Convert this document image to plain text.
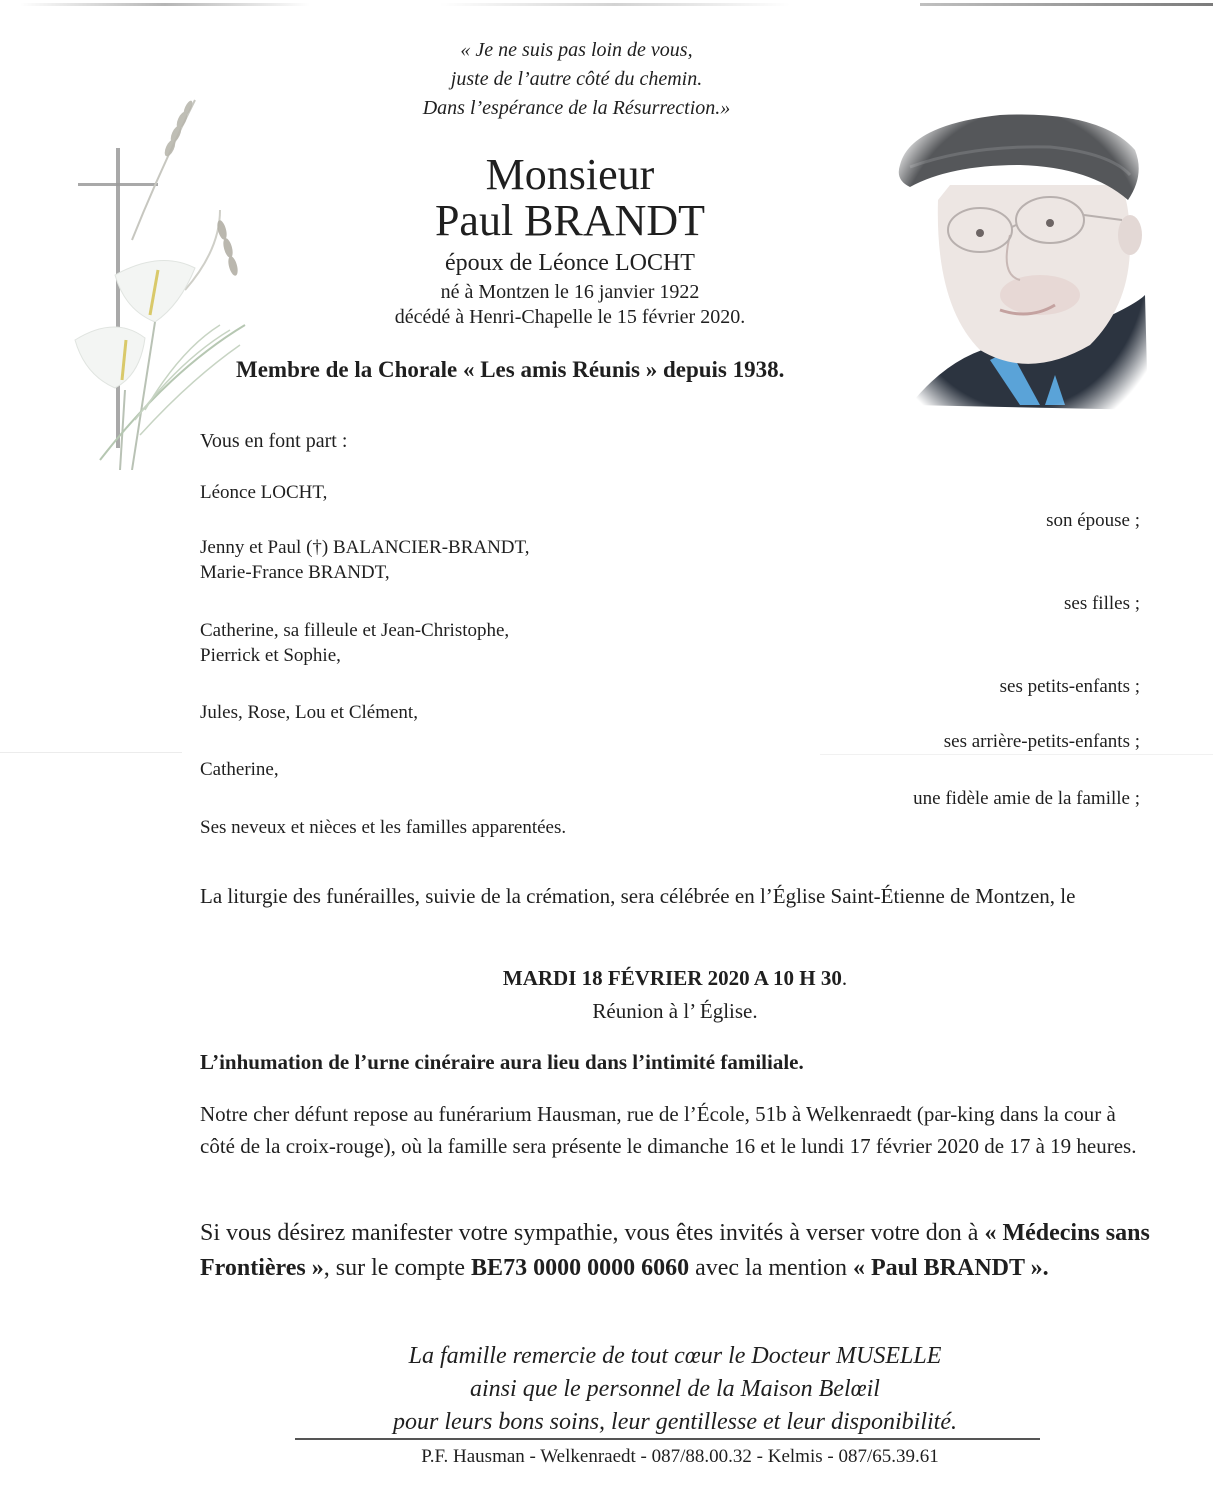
« Je ne suis pas loin de vous,
juste de l’autre côté du chemin.
Dans l’espérance de la Résurrection.»
Monsieur
Paul BRANDT
époux de Léonce LOCHT
né à Montzen le 16 janvier 1922
décédé à Henri-Chapelle le 15 février 2020.
Membre de la Chorale « Les amis Réunis » depuis 1938.
Vous en font part :
Léonce LOCHT,
son épouse ;
Jenny et Paul (†) BALANCIER-BRANDT,
Marie-France BRANDT,
ses filles ;
Catherine, sa filleule et Jean-Christophe,
Pierrick et Sophie,
ses petits-enfants ;
Jules, Rose, Lou et Clément,
ses arrière-petits-enfants ;
Catherine,
une fidèle amie de la famille ;
Ses neveux et nièces et les familles apparentées.
La liturgie des funérailles, suivie de la crémation, sera célébrée en l’Église Saint-Étienne de Montzen, le
MARDI 18 FÉVRIER 2020 A 10 H 30.
Réunion à l’ Église.
L’inhumation de l’urne cinéraire aura lieu dans l’intimité familiale.
Notre cher défunt repose au funérarium Hausman, rue de l’École, 51b à Welkenraedt (par-king dans la cour à côté de la croix-rouge), où la famille sera présente le dimanche 16 et le lundi 17 février 2020 de 17 à 19 heures.
Si vous désirez manifester votre sympathie, vous êtes invités à verser votre don à « Médecins sans Frontières », sur le compte BE73 0000 0000 6060 avec la mention « Paul BRANDT ».
La famille remercie de tout cœur le Docteur MUSELLE
ainsi que le personnel de la Maison Belœil
pour leurs bons soins, leur gentillesse et leur disponibilité.
P.F. Hausman - Welkenraedt - 087/88.00.32 - Kelmis - 087/65.39.61
